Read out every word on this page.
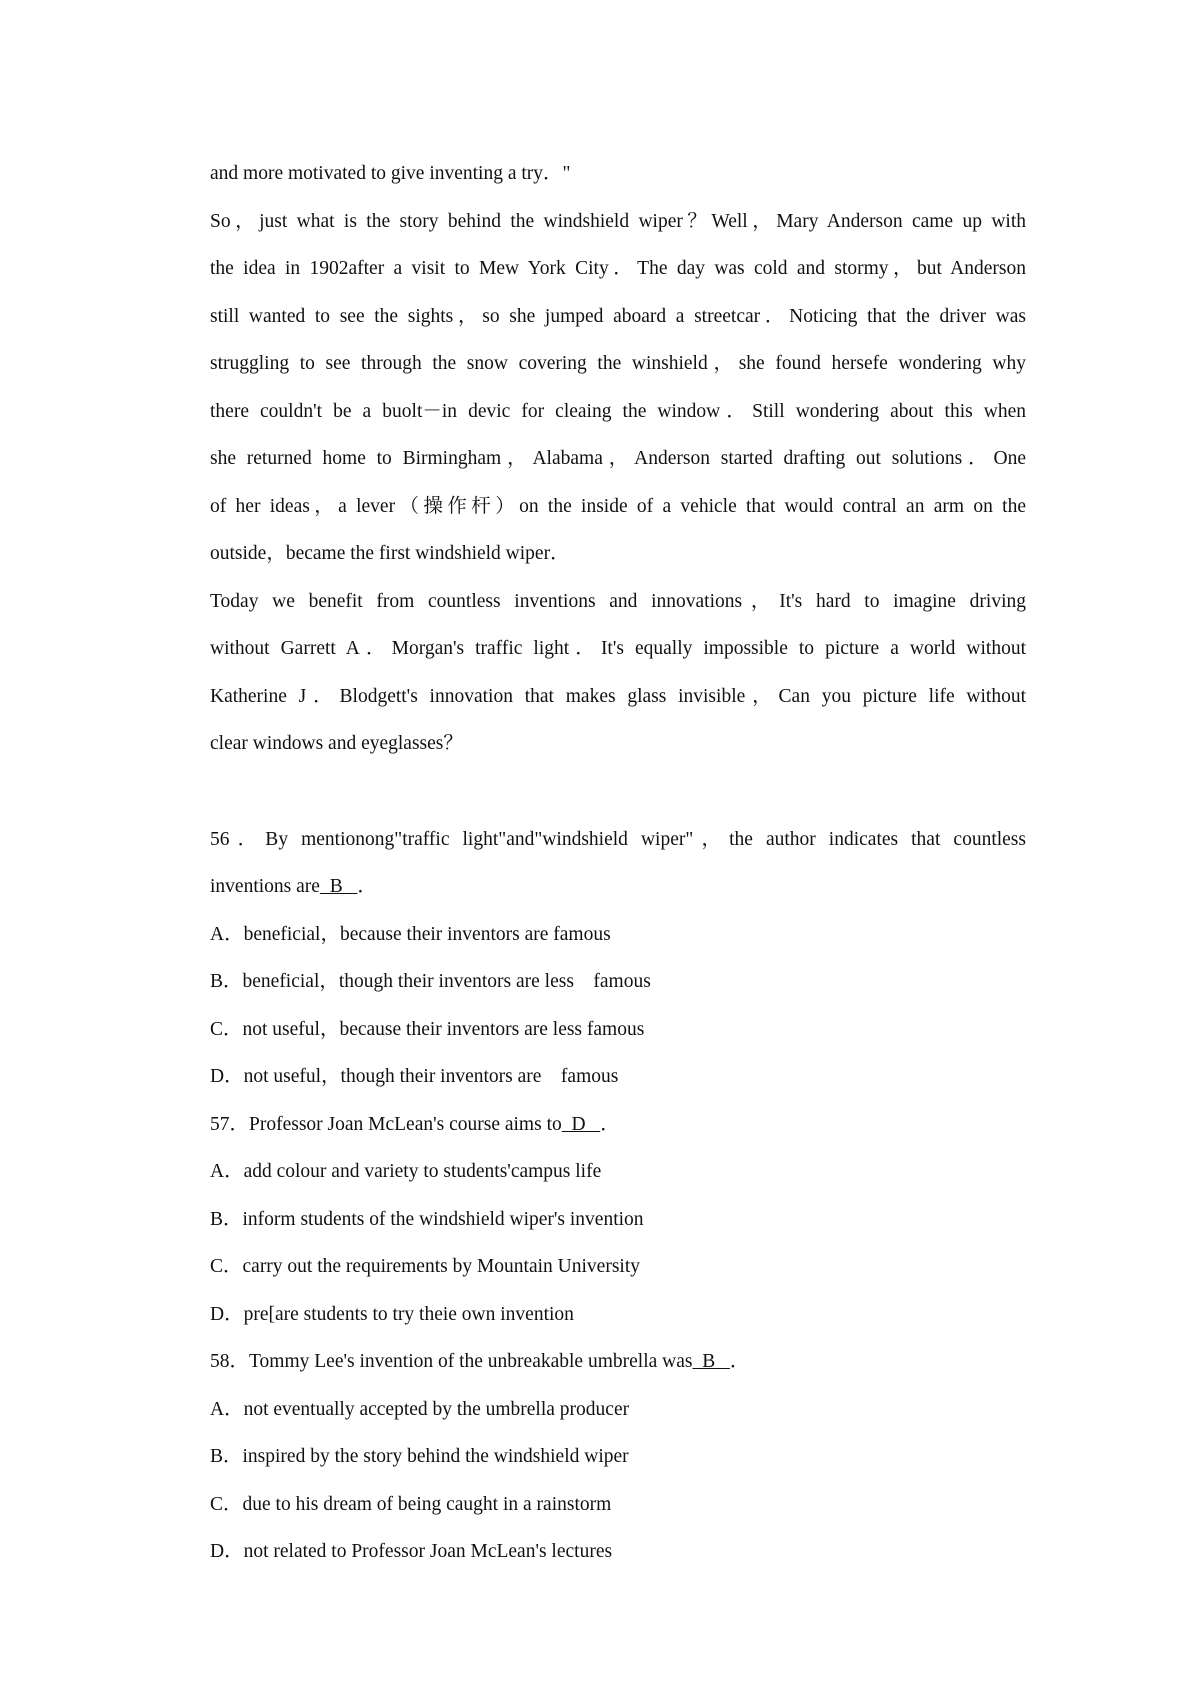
and more motivated to give inventing a try．"
So，just what is the story behind the windshield wiper？Well，Mary Anderson came up with
the idea in 1902after a visit to Mew York City．The day was cold and stormy，but Anderson
still wanted to see the sights，so she jumped aboard a streetcar．Noticing that the driver was
struggling to see through the snow covering the winshield，she found hersefe wondering why
there couldn't be a buolt－in devic for cleaing the window．Still wondering about this when
she returned home to Birmingham，Alabama，Anderson started drafting out solutions．One
of her ideas，a lever（操作杆）on the inside of a vehicle that would contral an arm on the
outside，became the first windshield wiper．
Today we benefit from countless inventions and innovations，It's hard to imagine driving
without Garrett A．Morgan's traffic light．It's equally impossible to picture a world without
Katherine J．Blodgett's innovation that makes glass invisible，Can you picture life without
clear windows and eyeglasses？
56．By mentionong"traffic light"and"windshield wiper"，the author indicates that countless
inventions are  B   ．
A．beneficial，because their inventors are famous
B．beneficial，though their inventors are less    famous
C．not useful，because their inventors are less famous
D．not useful，though their inventors are    famous
57．Professor Joan McLean's course aims to  D   ．
A．add colour and variety to students'campus life
B．inform students of the windshield wiper's invention
C．carry out the requirements by Mountain University
D．pre[are students to try theie own invention
58．Tommy Lee's invention of the unbreakable umbrella was  B   ．
A．not eventually accepted by the umbrella producer
B．inspired by the story behind the windshield wiper
C．due to his dream of being caught in a rainstorm
D．not related to Professor Joan McLean's lectures
